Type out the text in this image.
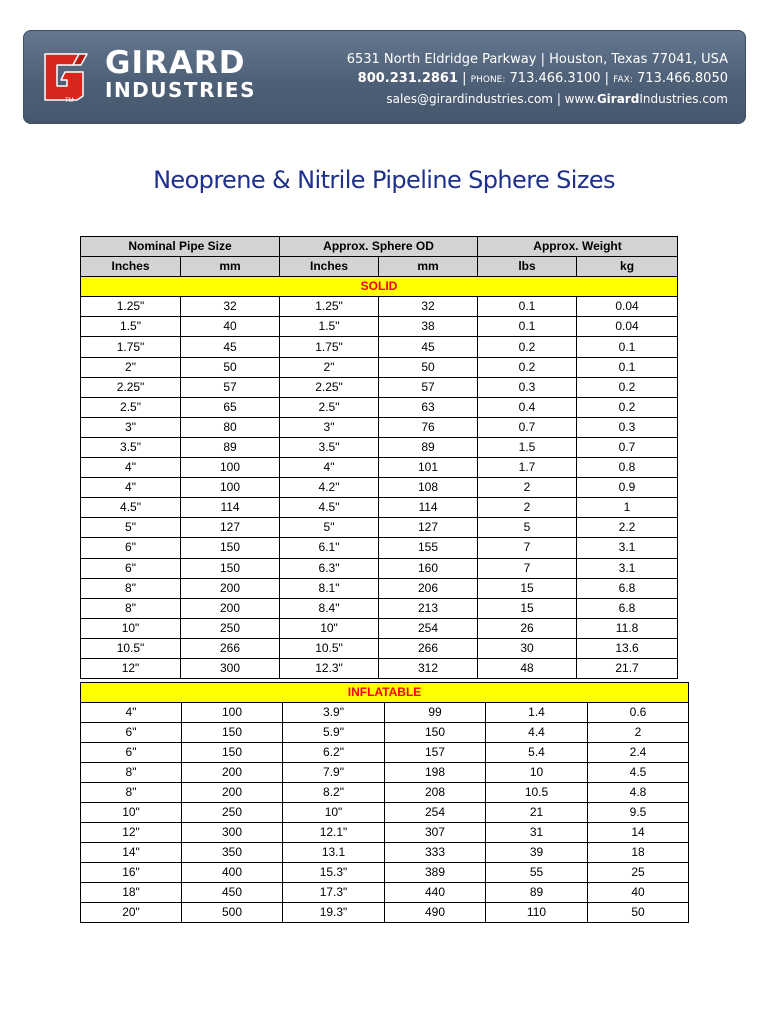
TM
GIRARD
INDUSTRIES
6531 North Eldridge Parkway | Houston, Texas 77041, USA
800.231.2861 | PHONE: 713.466.3100 | FAX: 713.466.8050
sales@girardindustries.com | www.GirardIndustries.com
Neoprene & Nitrile Pipeline Sphere Sizes
Nominal Pipe Size		Approx. Sphere OD		Approx. Weight	
Inches	mm	Inches	mm	lbs	kg
SOLID					
1.25"	32	1.25"	32	0.1	0.04
1.5"	40	1.5"	38	0.1	0.04
1.75"	45	1.75"	45	0.2	0.1
2"	50	2"	50	0.2	0.1
2.25"	57	2.25"	57	0.3	0.2
2.5"	65	2.5"	63	0.4	0.2
3"	80	3"	76	0.7	0.3
3.5"	89	3.5"	89	1.5	0.7
4"	100	4"	101	1.7	0.8
4"	100	4.2"	108	2	0.9
4.5"	114	4.5"	114	2	1
5"	127	5"	127	5	2.2
6"	150	6.1"	155	7	3.1
6"	150	6.3"	160	7	3.1
8"	200	8.1"	206	15	6.8
8"	200	8.4"	213	15	6.8
10"	250	10"	254	26	11.8
10.5"	266	10.5"	266	30	13.6
12"	300	12.3"	312	48	21.7
INFLATABLE					
4"	100	3.9"	99	1.4	0.6
6"	150	5.9"	150	4.4	2
6"	150	6.2"	157	5.4	2.4
8"	200	7.9"	198	10	4.5
8"	200	8.2"	208	10.5	4.8
10"	250	10"	254	21	9.5
12"	300	12.1"	307	31	14
14"	350	13.1	333	39	18
16"	400	15.3"	389	55	25
18"	450	17.3"	440	89	40
20"	500	19.3"	490	110	50
